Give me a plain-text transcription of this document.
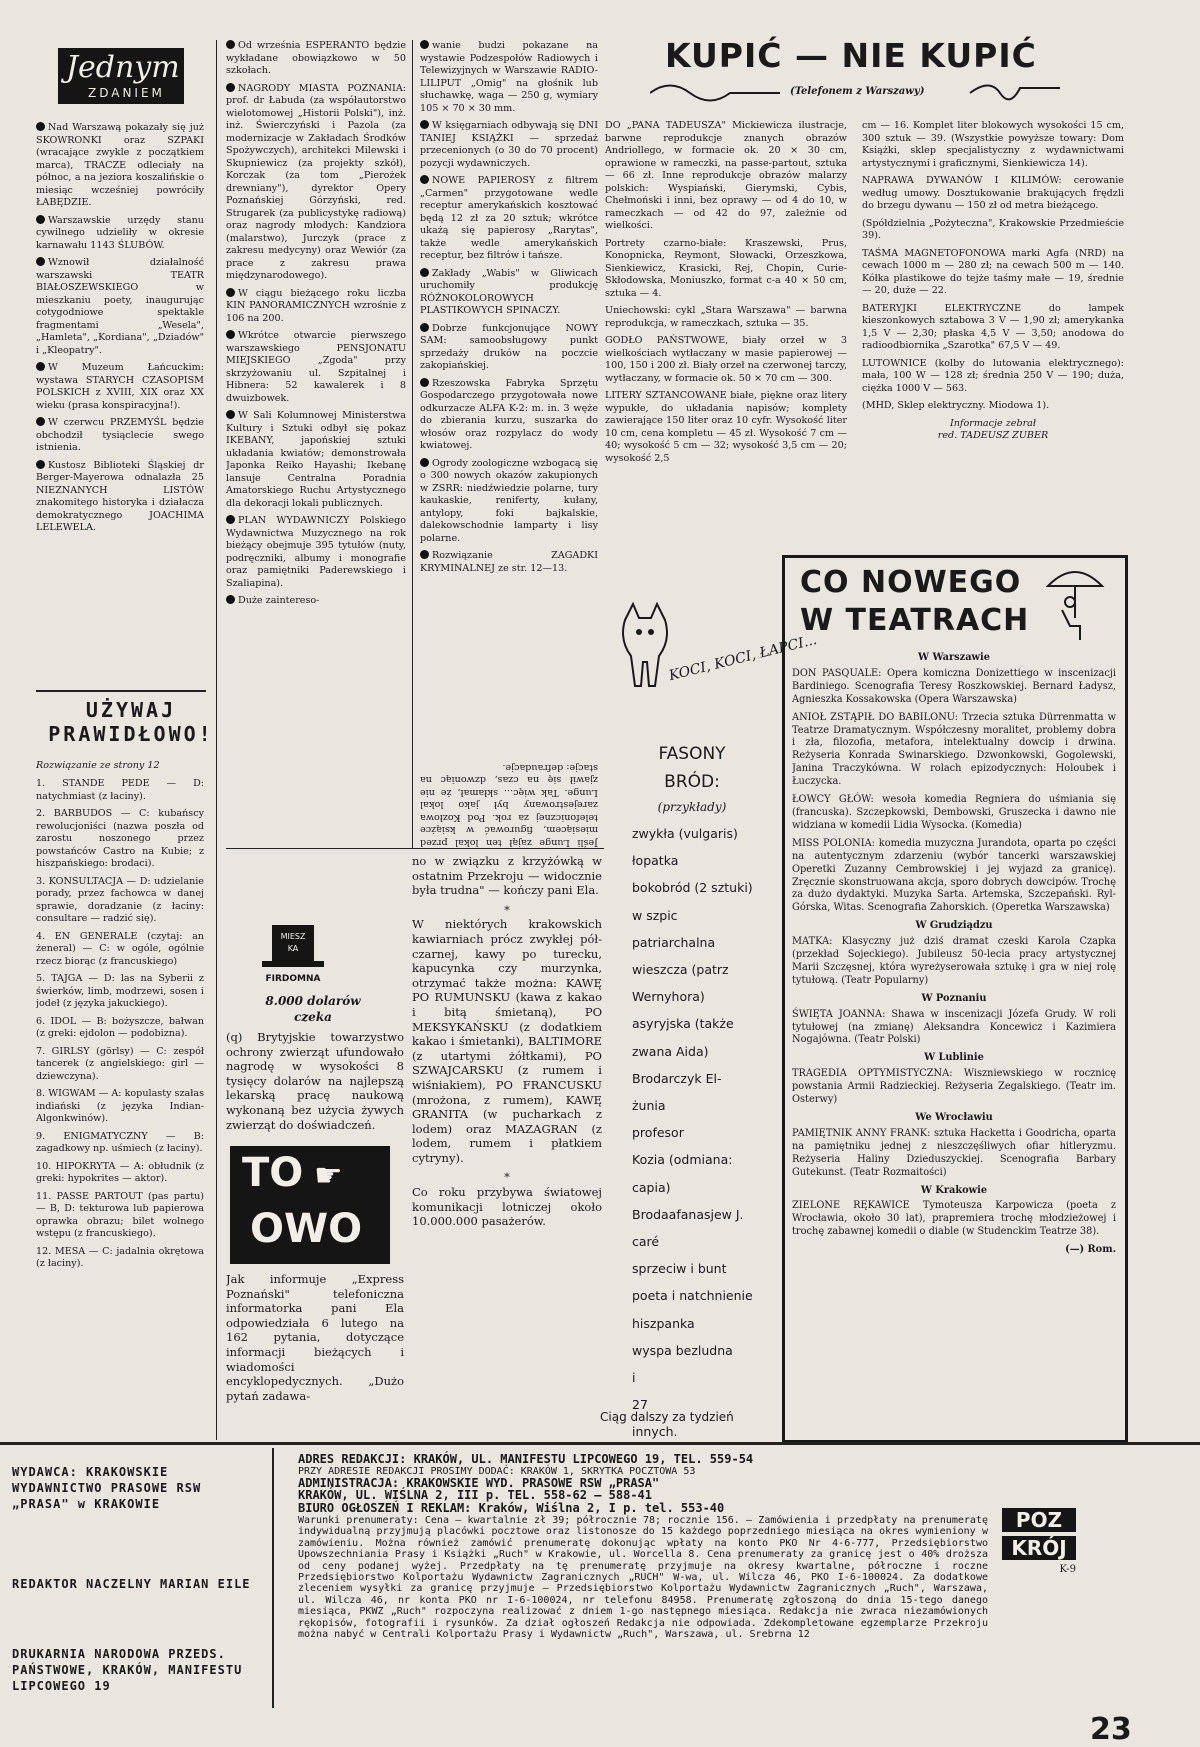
Jednym
ZDANIEM

Nad Warszawą pokazały się już SKOWRONKI oraz SZPAKI (wracające zwykle z początkiem marca), TRACZE odleciały na północ, a na jeziora koszalińskie o miesiąc wcześniej powróciły ŁABĘDZIE.

Warszawskie urzędy stanu cywilnego udzieliły w okresie karnawału 1143 ŚLUBÓW.

Wznowił działalność warszawski TEATR BIAŁOSZEWSKIEGO w mieszkaniu poety, inaugurując cotygodniowe spektakle fragmentami „Wesela", „Hamleta", „Kordiana", „Dziadów" i „Kleopatry".

W Muzeum Łańcuckim: wystawa STARYCH CZASOPISM POLSKICH z XVIII, XIX oraz XX wieku (prasa konspiracyjna!).

W czerwcu PRZEMYŚL będzie obchodził tysiąclecie swego istnienia.

Kustosz Biblioteki Śląskiej dr Berger-Mayerowa odnalazła 25 NIEZNANYCH LISTÓW znakomitego historyka i działacza demokratycznego JOACHIMA LELEWELA.

UŻYWAJ PRAWIDŁOWO!
Rozwiązanie ze strony 12

1. STANDE PEDE — D: natychmiast (z łaciny).

2. BARBUDOS — C: kubańscy rewolucjoniści (nazwa poszła od zarostu noszonego przez powstańców Castro na Kubie; z hiszpańskiego: brodaci).

3. KONSULTACJA — D: udzielanie porady, przez fachowca w danej sprawie, doradzanie (z łaciny: consultare — radzić się).

4. EN GENERALE (czytaj: an żeneral) — C: w ogóle, ogólnie rzecz biorąc (z francuskiego)

5. TAJGA — D: las na Syberii z świerków, limb, modrzewi, sosen i jodeł (z języka jakuckiego).

6. IDOL — B: bożyszcze, bałwan (z greki: ejdolon — podobizna).

7. GIRLSY (görlsy) — C: zespół tancerek (z angielskiego: girl — dziewczyna).

8. WIGWAM — A: kopulasty szałas indiański (z języka Indian-Algonkwinów).

9. ENIGMATYCZNY — B: zagadkowy np. uśmiech (z łaciny).

10. HIPOKRYTA — A: obłudnik (z greki: hypokrites — aktor).

11. PASSE PARTOUT (pas partu) — B, D: tekturowa lub papierowa oprawka obrazu; bilet wolnego wstępu (z francuskiego).

12. MESA — C: jadalnia okrętowa (z łaciny).

Od września ESPERANTO będzie wykładane obowiązkowo w 50 szkołach.

NAGRODY MIASTA POZNANIA: prof. dr Łabuda (za współautorstwo wielotomowej „Historii Polski"), inż. inż. Świerczyński i Pazola (za modernizacje w Zakładach Środków Spożywczych), architekci Milewski i Skupniewicz (za projekty szkół), Korczak (za tom „Pierożek drewniany"), dyrektor Opery Poznańskiej Górzyński, red. Strugarek (za publicystykę radiową) oraz nagrody młodych: Kandziora (malarstwo), Jurczyk (prace z zakresu medycyny) oraz Wewiór (za prace z zakresu prawa międzynarodowego).

W ciągu bieżącego roku liczba KIN PANORAMICZNYCH wzrośnie z 106 na 200.

Wkrótce otwarcie pierwszego warszawskiego PENSJONATU MIEJSKIEGO „Zgoda" przy skrzyżowaniu ul. Szpitalnej i Hibnera: 52 kawalerek i 8 dwuizbowek.

W Sali Kolumnowej Ministerstwa Kultury i Sztuki odbył się pokaz IKEBANY, japońskiej sztuki układania kwiatów; demonstrowała Japonka Reiko Hayashi; Ikebanę lansuje Centralna Poradnia Amatorskiego Ruchu Artystycznego dla dekoracji lokali publicznych.

PLAN WYDAWNICZY Polskiego Wydawnictwa Muzycznego na rok bieżący obejmuje 395 tytułów (nuty, podręczniki, albumy i monografie oraz pamiętniki Paderewskiego i Szaliapina).

Duże zaintereso-

wanie budzi pokazane na wystawie Podzespołów Radiowych i Telewizyjnych w Warszawie RADIO-LILIPUT „Omig" na głośnik lub słuchawkę, waga — 250 g, wymiary 105 × 70 × 30 mm.

W księgarniach odbywają się DNI TANIEJ KSIĄŻKI — sprzedaż przecenionych (o 30 do 70 procent) pozycji wydawniczych.

NOWE PAPIEROSY z filtrem „Carmen" przygotowane wedle receptur amerykańskich kosztować będą 12 zł za 20 sztuk; wkrótce ukażą się papierosy „Rarytas", także wedle amerykańskich receptur, bez filtrów i tańsze.

Zakłady „Wabis" w Gliwicach uruchomiły produkcję RÓŻNOKOLOROWYCH PLASTIKOWYCH SPINACZY.

Dobrze funkcjonujące NOWY SAM: samoobsługowy punkt sprzedaży druków na poczcie zakopiańskiej.

Rzeszowska Fabryka Sprzętu Gospodarczego przygotowała nowe odkurzacze ALFA K-2: m. in. 3 węże do zbierania kurzu, suszarka do włosów oraz rozpylacz do wody kwiatowej.

Ogrody zoologiczne wzbogacą się o 300 nowych okazów zakupionych w ZSRR: niedźwiedzie polarne, tury kaukaskie, reniferty, kułany, antylopy, foki bajkalskie, dalekowschodnie lamparty i lisy polarne.

Rozwiązanie ZAGADKI KRYMINALNEJ ze str. 12—13.

Jeśli Lunge zajął ten lokal przed miesiącem, figurować w książce telefonicznej za rok. Pod Kozłowa zarejestrowany był jako lokal Lunge. Tak więc... skłamał, że nie zjawił się na czas, dzwoniąc na stacje: defraudacje.
FIRDOMNA
MIESZ
KA
8.000 dolarów
czeka
(q) Brytyjskie towarzystwo ochrony zwierząt ufundowało nagrodę w wysokości 8 tysięcy dolarów na najlepszą lekarską pracę naukową wykonaną bez użycia żywych zwierząt do doświadczeń.
TO ☛
OWO
Jak informuje „Express Poznański" telefoniczna informatorka pani Ela odpowiedziała 6 lutego na 162 pytania, dotyczące informacji bieżących i wiadomości encyklopedycznych. „Dużo pytań zadawa-

no w związku z krzyżówką w ostatnim Przekroju — widocznie była trudna" — kończy pani Ela.

*

W niektórych krakowskich kawiarniach prócz zwykłej pół-czarnej, kawy po turecku, kapucynka czy murzynka, otrzymać także można: KAWĘ PO RUMUNSKU (kawa z kakao i bitą śmietaną), PO MEKSYKAŃSKU (z dodatkiem kakao i śmietanki), BALTIMORE (z utartymi żółtkami), PO SZWAJCARSKU (z rumem i wiśniakiem), PO FRANCUSKU (mrożona, z rumem), KAWĘ GRANITA (w pucharkach z lodem) oraz MAZAGRAN (z lodem, rumem i płatkiem cytryny).

*

Co roku przybywa światowej komunikacji lotniczej około 10.000.000 pasażerów.

KUPIĆ — NIE KUPIĆ
(Telefonem z Warszawy)

DO „PANA TADEUSZA" Mickiewicza ilustracje, barwne reprodukcje znanych obrazów Andriollego, w formacie ok. 20 × 30 cm, oprawione w rameczki, na passe-partout, sztuka — 66 zł. Inne reprodukcje obrazów malarzy polskich: Wyspiański, Gierymski, Cybis, Chełmoński i inni, bez oprawy — od 4 do 10, w rameczkach — od 42 do 97, zależnie od wielkości.

Portrety czarno-białe: Kraszewski, Prus, Konopnicka, Reymont, Słowacki, Orzeszkowa, Sienkiewicz, Krasicki, Rej, Chopin, Curie-Skłodowska, Moniuszko, format c-a 40 × 50 cm, sztuka — 4.

Uniechowski: cykl „Stara Warszawa" — barwna reprodukcja, w rameczkach, sztuka — 35.

GODŁO PAŃSTWOWE, biały orzeł w 3 wielkościach wytłaczany w masie papierowej — 100, 150 i 200 zł. Biały orzeł na czerwonej tarczy, wytłaczany, w formacie ok. 50 × 70 cm — 300.

LITERY SZTANCOWANE białe, piękne oraz litery wypukłe, do układania napisów; komplety zawierające 150 liter oraz 10 cyfr. Wysokość liter 10 cm, cena kompletu — 45 zł. Wysokość 7 cm — 40; wysokość 5 cm — 32; wysokość 3,5 cm — 20; wysokość 2,5

cm — 16. Komplet liter blokowych wysokości 15 cm, 300 sztuk — 39. (Wszystkie powyższe towary: Dom Książki, sklep specjalistyczny z wydawnictwami artystycznymi i graficznymi, Sienkiewicza 14).

NAPRAWA DYWANÓW I KILIMÓW: cerowanie według umowy. Dosztukowanie brakujących frędzli do brzegu dywanu — 150 zł od metra bieżącego.

(Spółdzielnia „Pożyteczna", Krakowskie Przedmieście 39).

TAŚMA MAGNETOFONOWA marki Agfa (NRD) na cewach 1000 m — 280 zł; na cewach 500 m — 140. Kółka plastikowe do tejże taśmy małe — 19, średnie — 20, duże — 22.

BATERYJKI ELEKTRYCZNE do lampek kieszonkowych sztabowa 3 V — 1,90 zł; amerykanka 1,5 V — 2,30; płaska 4,5 V — 3,50; anodowa do radioodbiornika „Szarotka" 67,5 V — 49.

LUTOWNICE (kolby do lutowania elektrycznego): mała, 100 W — 128 zł; średnia 250 V — 190; duża, ciężka 1000 V — 563.

(MHD, Sklep elektryczny. Miodowa 1).

Informacje zebrał
red. TADEUSZ ZUBER

CO NOWEGO
W TEATRACH
W Warszawie

DON PASQUALE: Opera komiczna Donizettiego w inscenizacji Bardiniego. Scenografia Teresy Roszkowskiej. Bernard Ładysz, Agnieszka Kossakowska (Opera Warszawska)

ANIOŁ ZSTĄPIŁ DO BABILONU: Trzecia sztuka Dürrenmatta w Teatrze Dramatycznym. Współczesny moralitet, problemy dobra i zła, filozofia, metafora, intelektualny dowcip i drwina. Reżyseria Konrada Swinarskiego. Dzwonkowski, Gogolewski, Janina Traczykówna. W rolach epizodycznych: Holoubek i Łuczycka.

ŁOWCY GŁÓW: wesoła komedia Regniera do uśmiania się (francuska). Szczepkowski, Dembowski, Gruszecka i dawno nie widziana w komedii Lidia Wysocka. (Komedia)

MISS POLONIA: komedia muzyczna Jurandota, oparta po części na autentycznym zdarzeniu (wybór tancerki warszawskiej Operetki Zuzanny Cembrowskiej i jej wyjazd za granicę). Zręcznie skonstruowana akcja, sporo dobrych dowcipów. Trochę za dużo dydaktyki. Muzyka Sarta. Artemska, Szczepański. Ryl-Górska, Witas. Scenografia Zahorskich. (Operetka Warszawska)

W Grudziądzu

MATKA: Klasyczny już dziś dramat czeski Karola Czapka (przekład Sojeckiego). Jubileusz 50-lecia pracy artystycznej Marii Szczęsnej, która wyreżyserowała sztukę i gra w niej rolę tytułową. (Teatr Popularny)

W Poznaniu

ŚWIĘTA JOANNA: Shawa w inscenizacji Józefa Grudy. W roli tytułowej (na zmianę) Aleksandra Koncewicz i Kazimiera Nogajówna. (Teatr Polski)

W Lublinie

TRAGEDIA OPTYMISTYCZNA: Wiszniewskiego w rocznicę powstania Armii Radzieckiej. Reżyseria Zegalskiego. (Teatr im. Osterwy)

We Wrocławiu

PAMIĘTNIK ANNY FRANK: sztuka Hacketta i Goodricha, oparta na pamiętniku jednej z nieszczęśliwych ofiar hitleryzmu. Reżyseria Haliny Dzieduszyckiej. Scenografia Barbary Gutekunst. (Teatr Rozmaitości)

W Krakowie

ZIELONE RĘKAWICE Tymoteusza Karpowicza (poeta z Wrocławia, około 30 lat), prapremiera trochę młodzieżowej i trochę zabawnej komedii o diable (w Studenckim Teatrze 38).

(—) Rom.
KOCI, KOCI, ŁAPCI...
FASONY
BRÓD:
(przykłady)
zwykła (vulgaris)
łopatka
bokobród (2 sztuki)
w szpic
patriarchalna
wieszcza (patrz
Wernyhora)
asyryjska (także
zwana Aida)
Brodarczyk El-
żunia
profesor
Kozia (odmiana:
capia)
Brodaafanasjew J.
caré
sprzeciw i bunt
poeta i natchnienie
hiszpanka
wyspa bezludna
i
27
innych.
Ciąg dalszy za tydzień
WYDAWCA: KRAKOWSKIE WYDAWNICTWO PRASOWE RSW „PRASA" w KRAKOWIE
REDAKTOR NACZELNY MARIAN EILE
DRUKARNIA NARODOWA PRZEDS. PAŃSTWOWE, KRAKÓW, MANIFESTU LIPCOWEGO 19
ADRES REDAKCJI: KRAKÓW, UL. MANIFESTU LIPCOWEGO 19, TEL. 559-54
PRZY ADRESIE REDAKCJI PROSIMY DODAĆ: KRAKÓW 1, SKRYTKA POCZTOWA 53
ADMINISTRACJA: KRAKOWSKIE WYD. PRASOWE RSW „PRASA"
KRAKÓW, UL. WIŚLNA 2, III p. TEL. 558-62 — 588-41
BIURO OGŁOSZEŃ I REKLAM: Kraków, Wiślna 2, I p. tel. 553-40
Warunki prenumeraty: Cena — kwartalnie zł 39; półrocznie 78; rocznie 156. — Zamówienia i przedpłaty na prenumeratę indywidualną przyjmują placówki pocztowe oraz listonosze do 15 każdego poprzedniego miesiąca na okres wymieniony w zamówieniu. Można również zamówić prenumeratę dokonując wpłaty na konto PKO Nr 4-6-777, Przedsiębiorstwo Upowszechniania Prasy i Książki „Ruch" w Krakowie, ul. Worcella 8. Cena prenumeraty za granicę jest o 40% droższa od ceny podanej wyżej. Przedpłaty na tę prenumeratę przyjmuje na okresy kwartalne, półroczne i roczne Przedsiębiorstwo Kolportażu Wydawnictw Zagranicznych „RUCH" W-wa, ul. Wilcza 46, PKO I-6-100024. Za dodatkowe zleceniem wysyłki za granicę przyjmuje — Przedsiębiorstwo Kolportażu Wydawnictw Zagranicznych „Ruch", Warszawa, ul. Wilcza 46, nr konta PKO nr I-6-100024, nr telefonu 84958. Prenumeratę zgłoszoną do dnia 15-tego danego miesiąca, PKWZ „Ruch" rozpoczyna realizować z dniem 1-go następnego miesiąca. Redakcja nie zwraca niezamówionych rękopisów, fotografii i rysunków. Za dział ogłoszeń Redakcja nie odpowiada. Zdekompletowane egzemplarze Przekroju można nabyć w Centrali Kolportażu Prasy i Wydawnictw „Ruch", Warszawa, ul. Srebrna 12
POZ
KRÓJ
K-9
23
